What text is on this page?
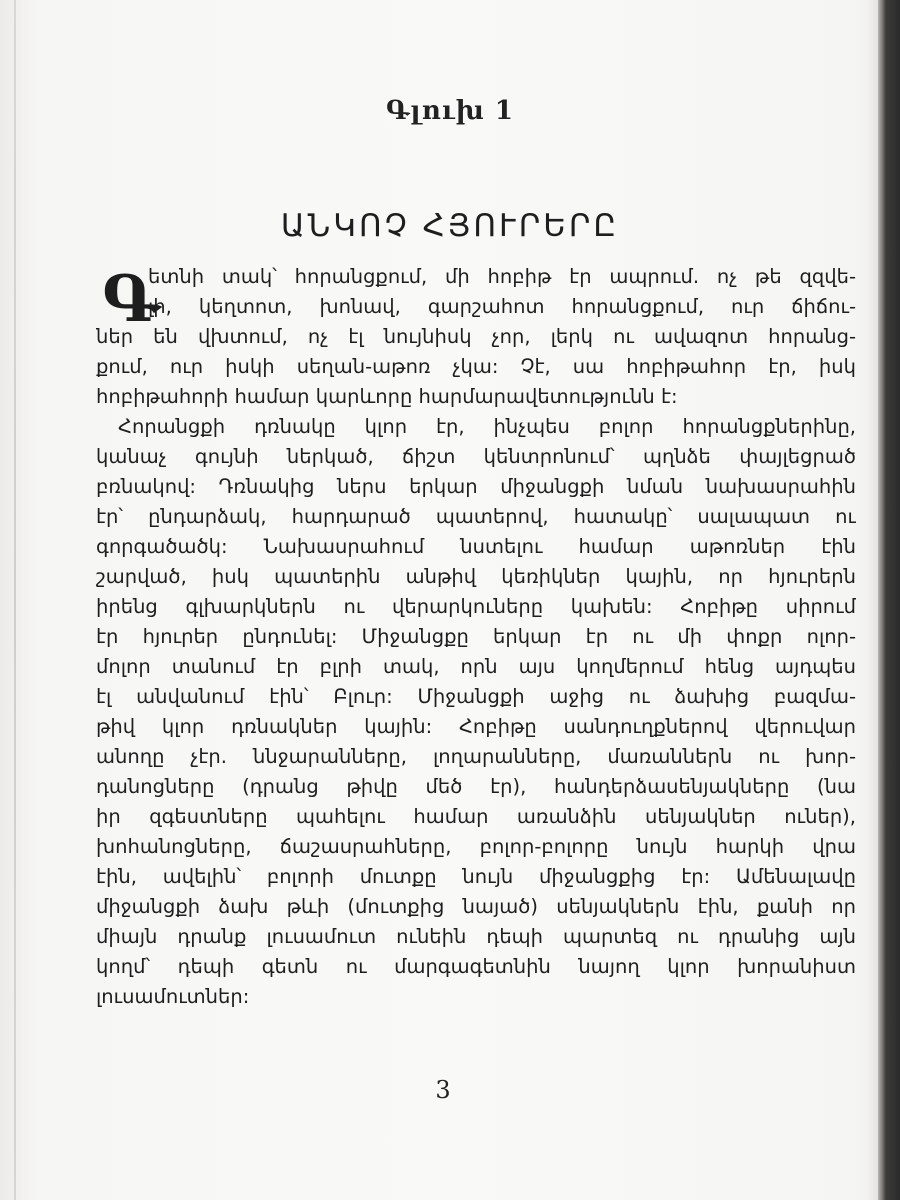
Գլուխ 1
ԱՆԿՈՉ ՀՅՈՒՐԵՐԸ
Գ
ետնի տակ՝ հորանցքում, մի հոբիթ էր ապրում. ոչ թե զզվե-
լի, կեղտոտ, խոնավ, գարշահոտ հորանցքում, ուր ճիճու-
ներ են վխտում, ոչ էլ նույնիսկ չոր, լերկ ու ավազոտ հորանց-
քում, ուր իսկի սեղան-աթոռ չկա: Չէ, սա հոբիթահոր էր, իսկ
հոբիթահորի համար կարևորը հարմարավետությունն է:
Հորանցքի դռնակը կլոր էր, ինչպես բոլոր հորանցքներինը,
կանաչ գույնի ներկած, ճիշտ կենտրոնում՝ պղնձե փայլեցրած
բռնակով: Դռնակից ներս երկար միջանցքի նման նախասրահին
էր՝ ընդարձակ, հարդարած պատերով, հատակը՝ սալապատ ու
գորգածածկ: Նախասրահում նստելու համար աթոռներ էին
շարված, իսկ պատերին անթիվ կեռիկներ կային, որ հյուրերն
իրենց գլխարկներն ու վերարկուները կախեն: Հոբիթը սիրում
էր հյուրեր ընդունել: Միջանցքը երկար էր ու մի փոքր ոլոր-
մոլոր տանում էր բլրի տակ, որն այս կողմերում հենց այդպես
էլ անվանում էին՝ Բլուր: Միջանցքի աջից ու ձախից բազմա-
թիվ կլոր դռնակներ կային: Հոբիթը սանդուղքներով վերուվար
անողը չէր. ննջարանները, լողարանները, մառաններն ու խոր-
դանոցները (դրանց թիվը մեծ էր), հանդերձասենյակները (նա
իր զգեստները պահելու համար առանձին սենյակներ ուներ),
խոհանոցները, ճաշասրահները, բոլոր-բոլորը նույն հարկի վրա
էին, ավելին՝ բոլորի մուտքը նույն միջանցքից էր: Ամենալավը
միջանցքի ձախ թևի (մուտքից նայած) սենյակներն էին, քանի որ
միայն դրանք լուսամուտ ունեին դեպի պարտեզ ու դրանից այն
կողմ՝ դեպի գետն ու մարգագետնին նայող կլոր խորանիստ
լուսամուտներ:
3
